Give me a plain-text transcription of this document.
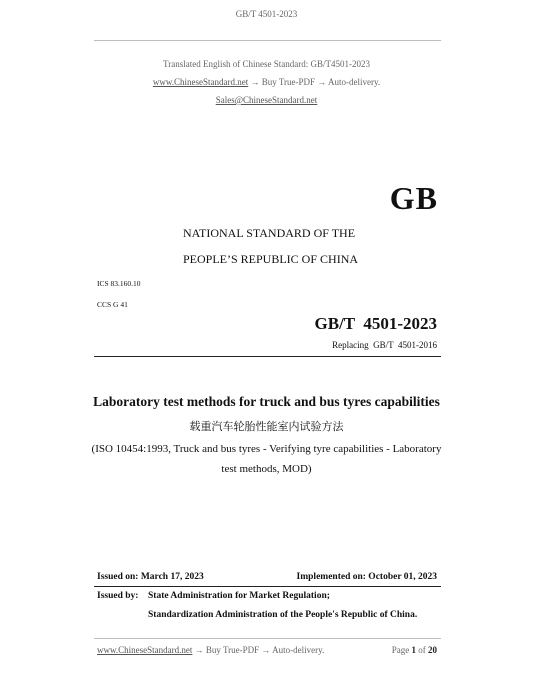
GB/T 4501-2023
Translated English of Chinese Standard: GB/T4501-2023
www.ChineseStandard.net → Buy True-PDF → Auto-delivery.
Sales@ChineseStandard.net
GB
NATIONAL STANDARD OF THE
PEOPLE’S REPUBLIC OF CHINA
ICS 83.160.10
CCS G 41
GB/T  4501-2023
Replacing  GB/T  4501-2016
Laboratory test methods for truck and bus tyres capabilities
载重汽车轮胎性能室内试验方法
(ISO 10454:1993, Truck and bus tyres - Verifying tyre capabilities - Laboratory
test methods, MOD)
Issued on: March 17, 2023	Implemented on: October 01, 2023
Issued by: State Administration for Market Regulation;
Standardization Administration of the People's Republic of China.
www.ChineseStandard.net → Buy True-PDF → Auto-delivery.	Page 1 of 20
